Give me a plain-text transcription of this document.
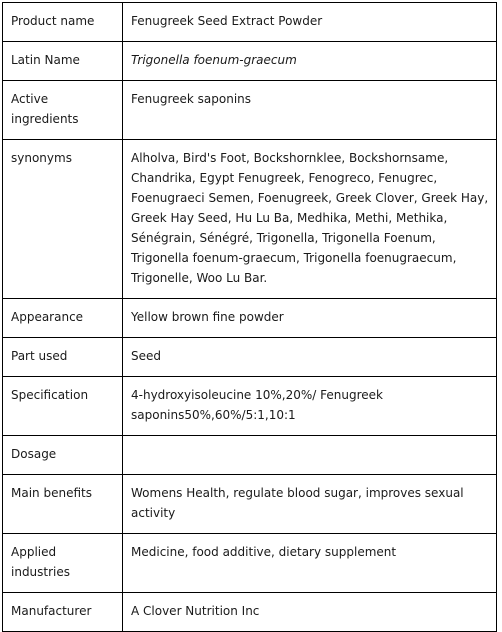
Product name	Fenugreek Seed Extract Powder
Latin Name	Trigonella foenum-graecum
Active ingredients	Fenugreek saponins
synonyms	Alholva, Bird's Foot, Bockshornklee, Bockshornsame, Chandrika, Egypt Fenugreek, Fenogreco, Fenugrec, Foenugraeci Semen, Foenugreek, Greek Clover, Greek Hay, Greek Hay Seed, Hu Lu Ba, Medhika, Methi, Methika, Sénégrain, Sénégré, Trigonella, Trigonella Foenum, Trigonella foenum-graecum, Trigonella foenugraecum, Trigonelle, Woo Lu Bar.
Appearance	Yellow brown fine powder
Part used	Seed
Specification	4-hydroxyisoleucine 10%,20%/ Fenugreek saponins50%,60%/5:1,10:1
Dosage	
Main benefits	Womens Health, regulate blood sugar, improves sexual activity
Applied industries	Medicine, food additive, dietary supplement
Manufacturer	A Clover Nutrition Inc
